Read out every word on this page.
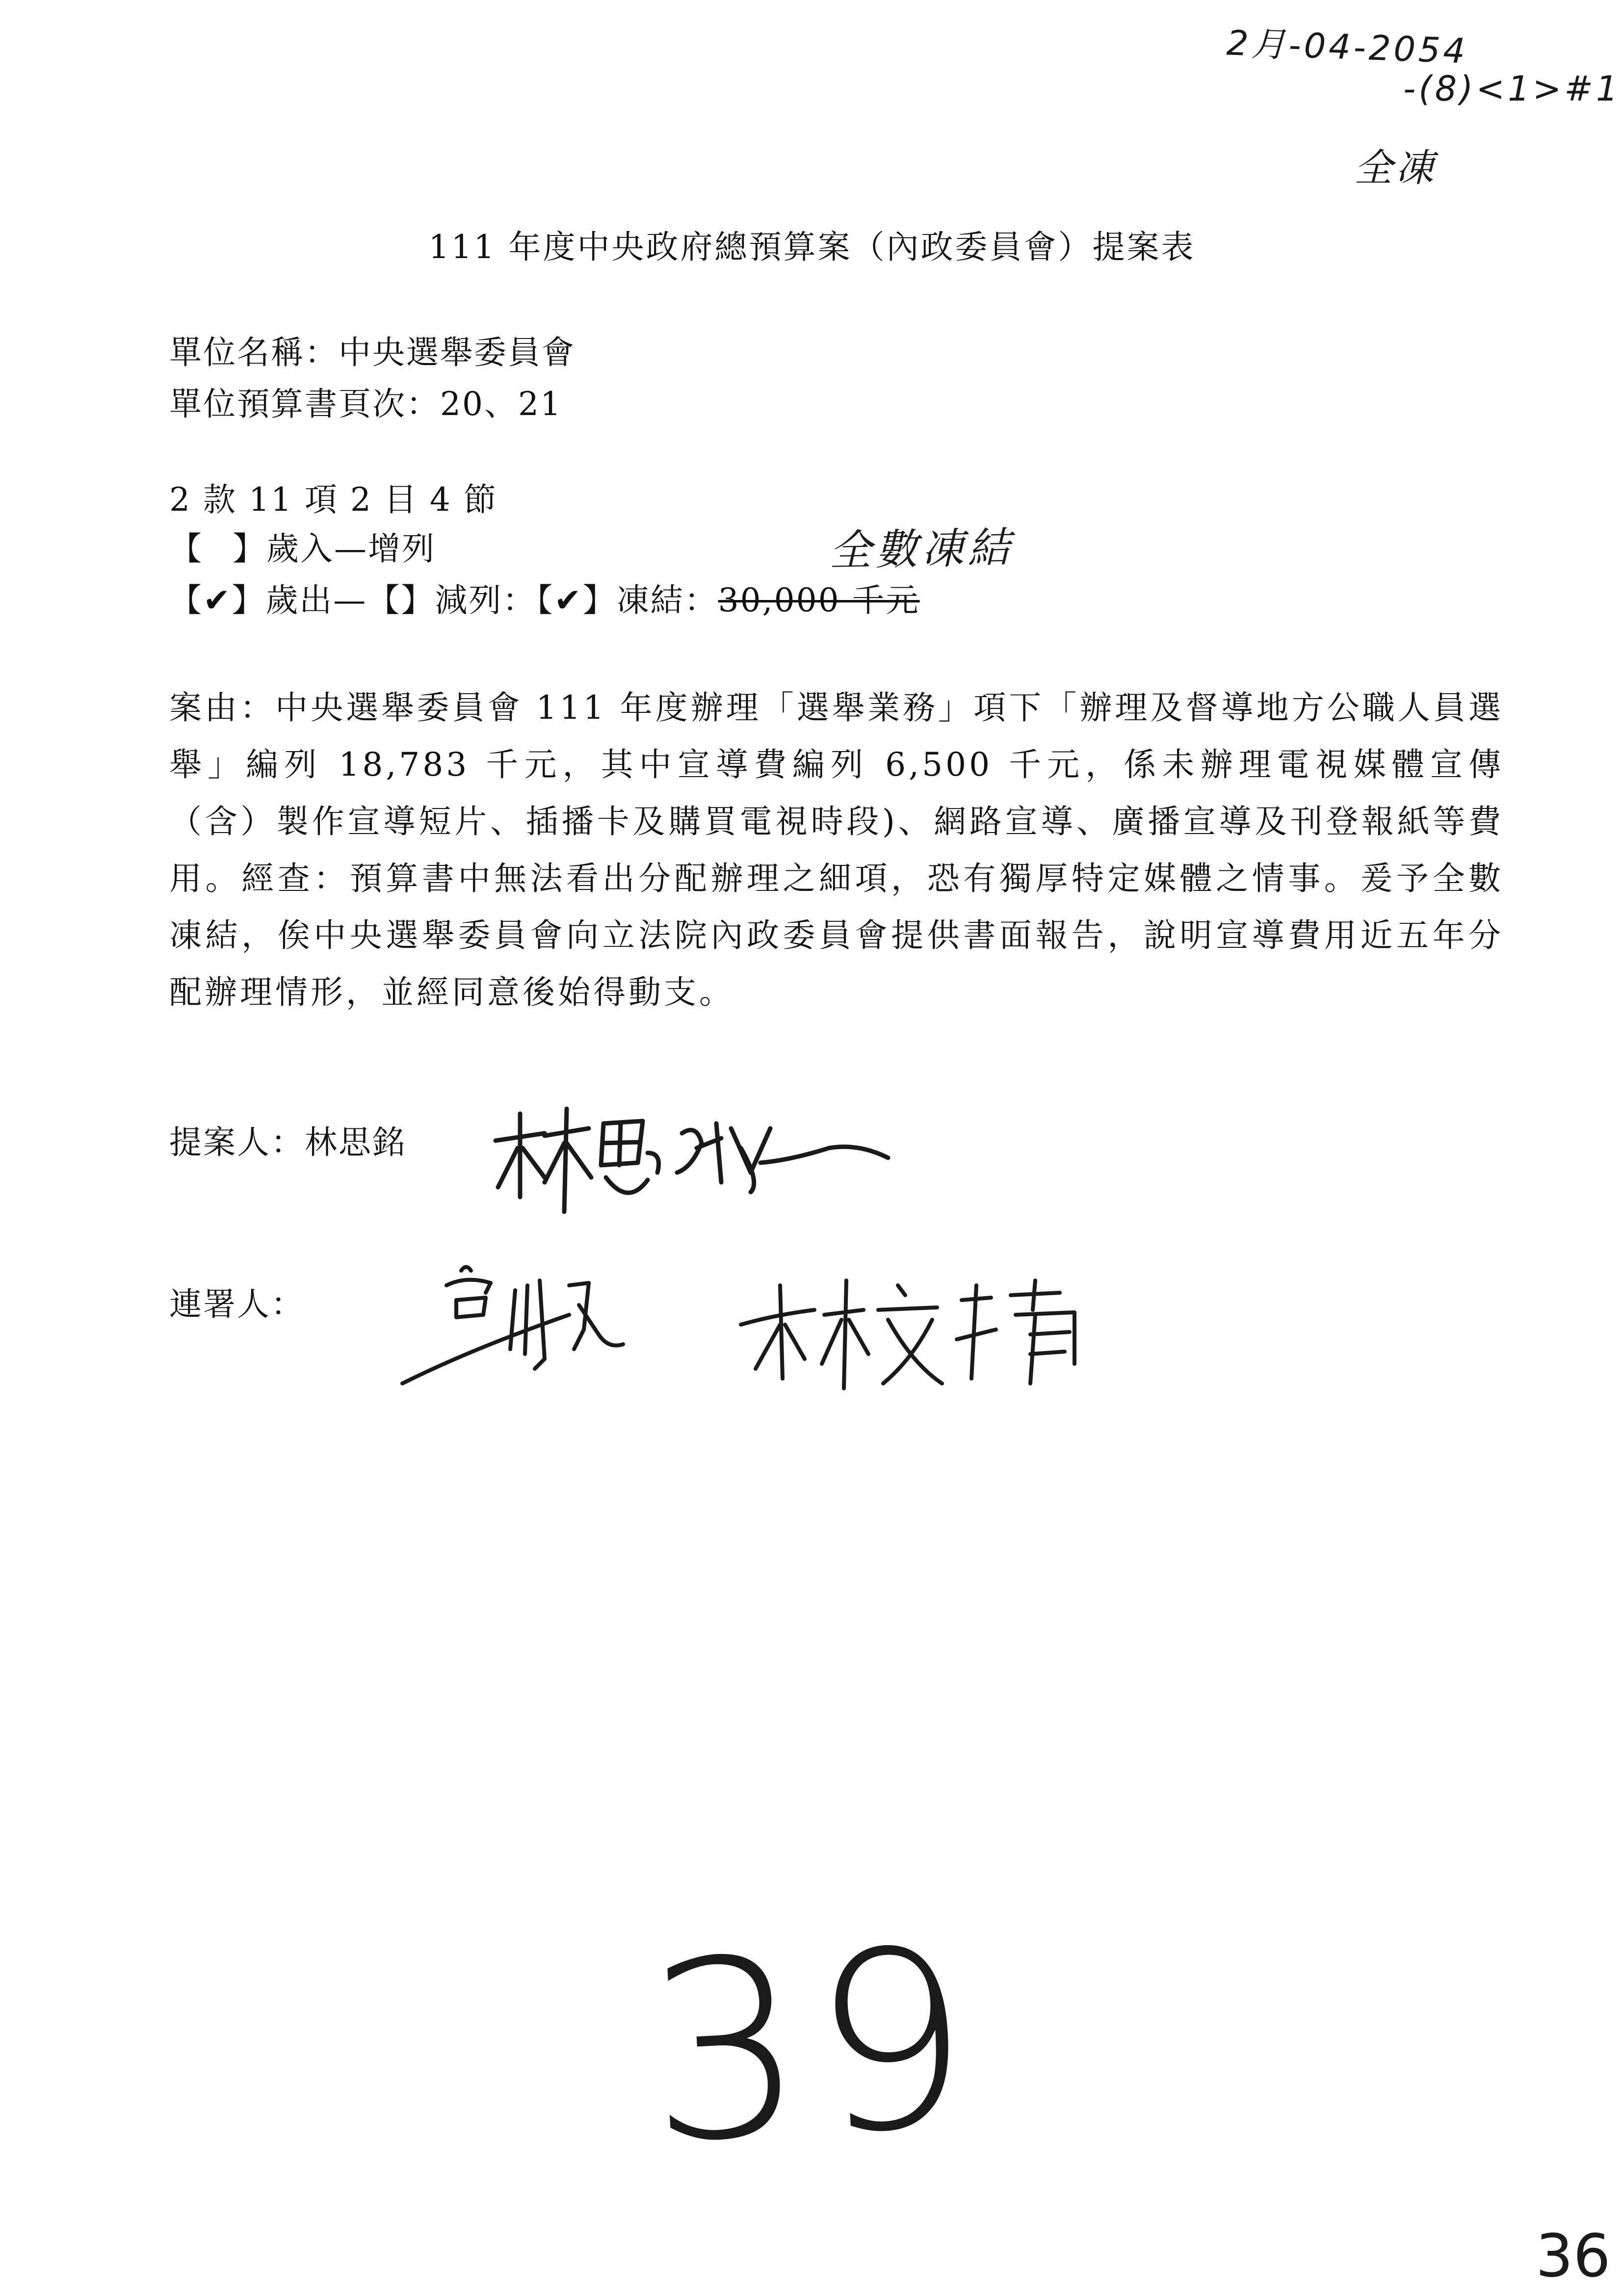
2月-04-2054
-(8)<1>#1
全凍
111 年度中央政府總預算案（內政委員會）提案表
單位名稱：中央選舉委員會
單位預算書頁次：20、21
2 款 11 項 2 目 4 節
【 】歲入—增列	全數凍結
【✔】歲出—【】減列：【✔】凍結：30,000 千元
案由：中央選舉委員會 111 年度辦理「選舉業務」項下「辦理及督導地方公職人員選舉」編列 18,783 千元，其中宣導費編列 6,500 千元，係未辦理電視媒體宣傳（含）製作宣導短片、插播卡及購買電視時段)、網路宣導、廣播宣導及刊登報紙等費用。經查：預算書中無法看出分配辦理之細項，恐有獨厚特定媒體之情事。爰予全數凍結，俟中央選舉委員會向立法院內政委員會提供書面報告，說明宣導費用近五年分配辦理情形，並經同意後始得動支。
提案人：林思銘
連署人：
39
36
